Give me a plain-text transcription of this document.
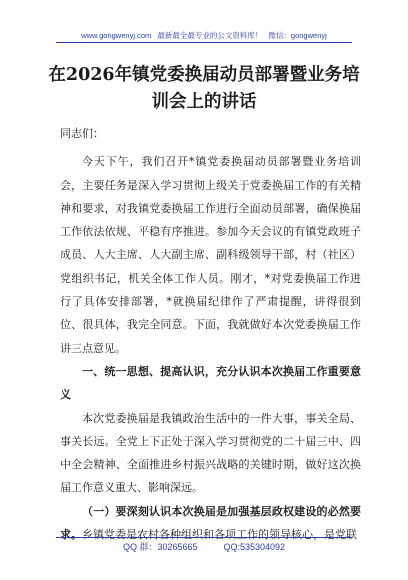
www.gongwenyj.com 最新最全最专业的公文资料库！ 微信：gongwenyj
在2026年镇党委换届动员部署暨业务培
训会上的讲话

同志们：

今天下午，我们召开*镇党委换届动员部署暨业务培训会，主要任务是深入学习贯彻上级关于党委换届工作的有关精神和要求，对我镇党委换届工作进行全面动员部署，确保换届工作依法依规、平稳有序推进。参加今天会议的有镇党政班子成员、人大主席、人大副主席、副科级领导干部，村（社区）党组织书记，机关全体工作人员。刚才，*对党委换届工作进行了具体安排部署，*就换届纪律作了严肃提醒，讲得很到位、很具体，我完全同意。下面，我就做好本次党委换届工作讲三点意见。

一、统一思想、提高认识，充分认识本次换届工作重要意义

本次党委换届是我镇政治生活中的一件大事，事关全局、事关长远。全党上下正处于深入学习贯彻党的二十届三中、四中全会精神、全面推进乡村振兴战略的关键时期，做好这次换届工作意义重大、影响深远。

（一）要深刻认识本次换届是加强基层政权建设的必然要求。乡镇党委是农村各种组织和各项工作的领导核心，是党联

QQ 群：30265665	QQ:535304092
